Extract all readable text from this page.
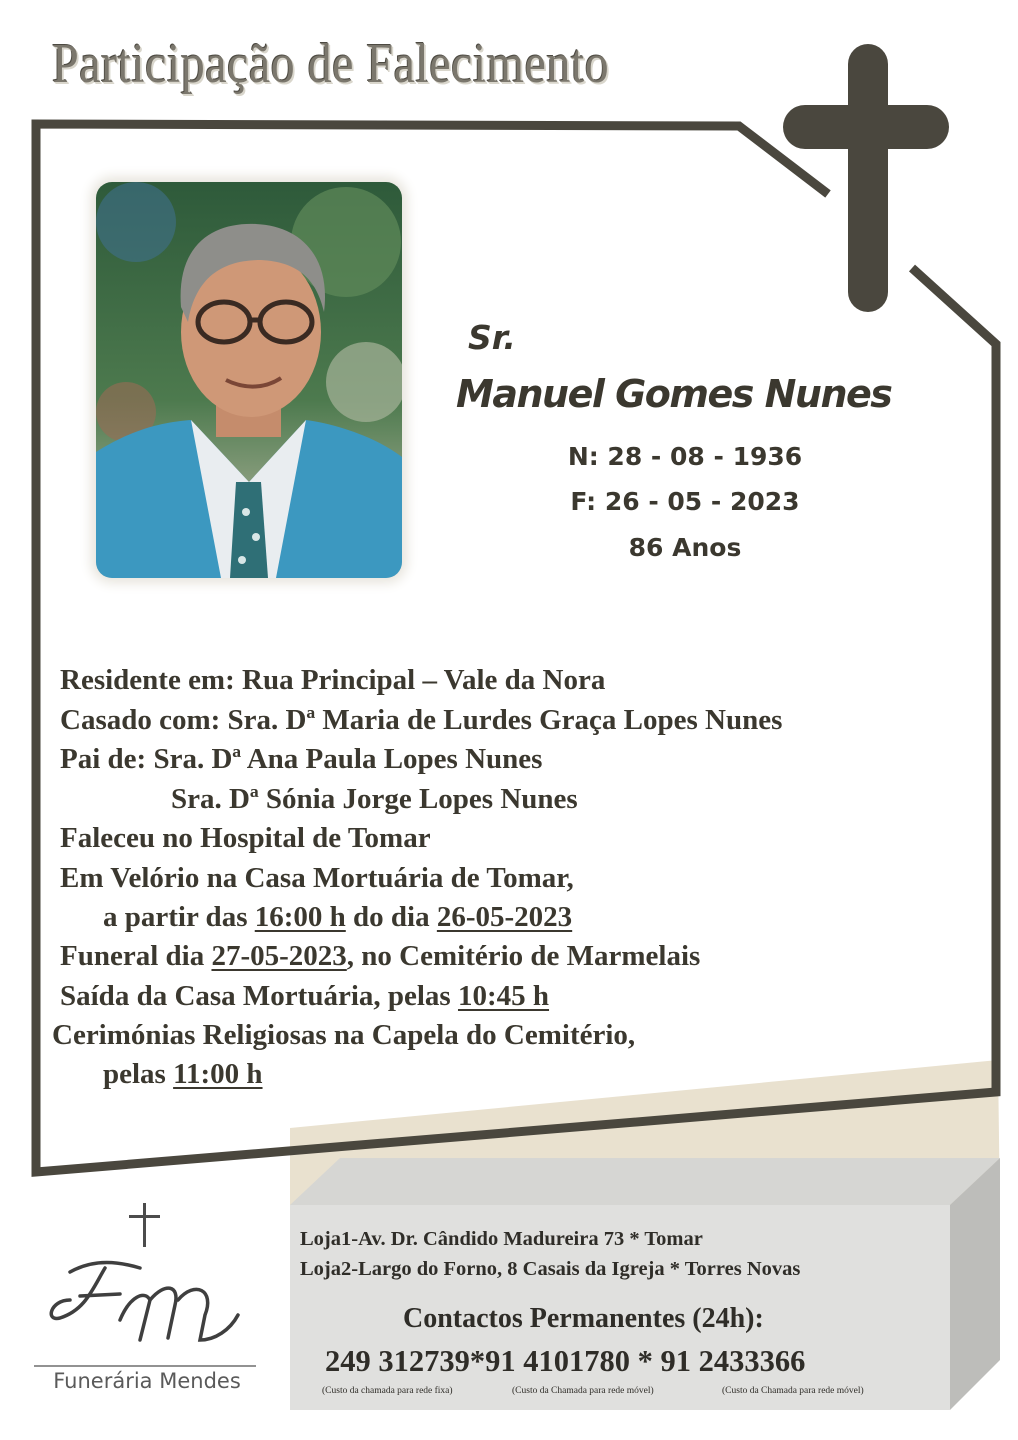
Participação de Falecimento
Sr.
Manuel Gomes Nunes
N: 28 - 08 - 1936
F: 26 - 05 - 2023
86 Anos
Residente em: Rua Principal – Vale da Nora
Casado com: Sra. Dª Maria de Lurdes Graça Lopes Nunes
Pai de: Sra. Dª Ana Paula Lopes Nunes
Sra. Dª Sónia Jorge Lopes Nunes
Faleceu no Hospital de Tomar
Em Velório na Casa Mortuária de Tomar,
a partir das 16:00 h do dia 26-05-2023
Funeral dia 27-05-2023, no Cemitério de Marmelais
Saída da Casa Mortuária, pelas 10:45 h
Cerimónias Religiosas na Capela do Cemitério,
pelas 11:00 h
Loja1-Av. Dr. Cândido Madureira 73 * Tomar
Loja2-Largo do Forno, 8 Casais da Igreja * Torres Novas
Contactos Permanentes (24h):
249 312739*91 4101780 * 91 2433366
(Custo da chamada para rede fixa)	(Custo da Chamada para rede móvel)	(Custo da Chamada para rede móvel)
Funerária Mendes
